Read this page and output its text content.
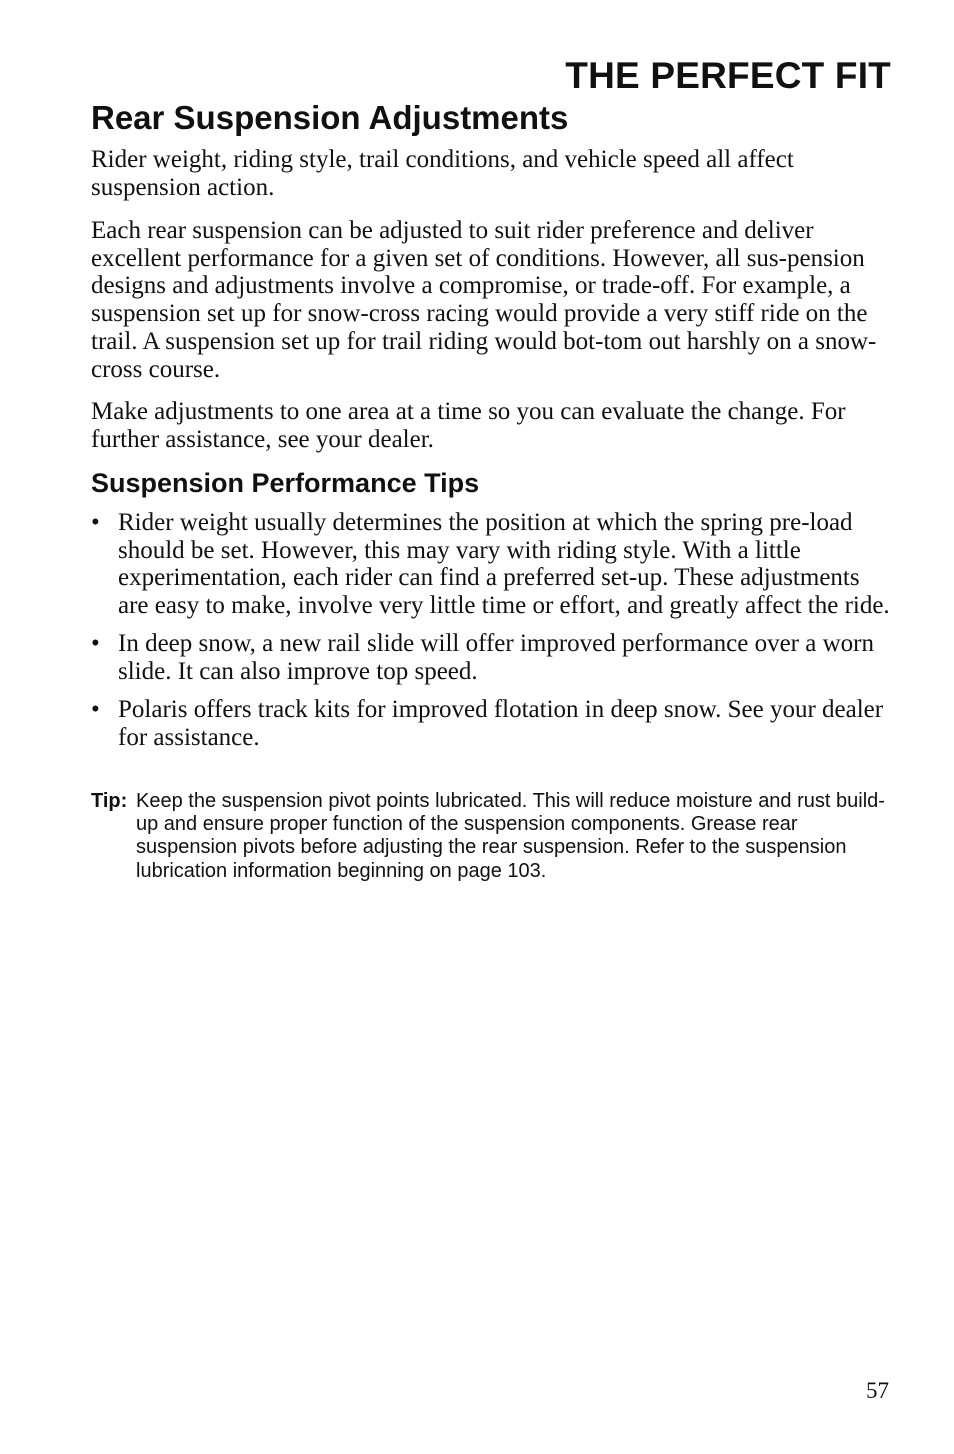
THE PERFECT FIT
Rear Suspension Adjustments

Rider weight, riding style, trail conditions, and vehicle speed all affect suspension action.

Each rear suspension can be adjusted to suit rider preference and deliver excellent performance for a given set of conditions. However, all sus-pension designs and adjustments involve a compromise, or trade-off. For example, a suspension set up for snow-cross racing would provide a very stiff ride on the trail. A suspension set up for trail riding would bot-tom out harshly on a snow-cross course.

Make adjustments to one area at a time so you can evaluate the change. For further assistance, see your dealer.

Suspension Performance Tips
• Rider weight usually determines the position at which the spring pre-load should be set. However, this may vary with riding style. With a little experimentation, each rider can find a preferred set-up. These adjustments are easy to make, involve very little time or effort, and greatly affect the ride.
• In deep snow, a new rail slide will offer improved performance over a worn slide. It can also improve top speed.
• Polaris offers track kits for improved flotation in deep snow. See your dealer for assistance.
Tip: Keep the suspension pivot points lubricated. This will reduce moisture and rust build-up and ensure proper function of the suspension components. Grease rear suspension pivots before adjusting the rear suspension. Refer to the suspension lubrication information beginning on page 103.
57
